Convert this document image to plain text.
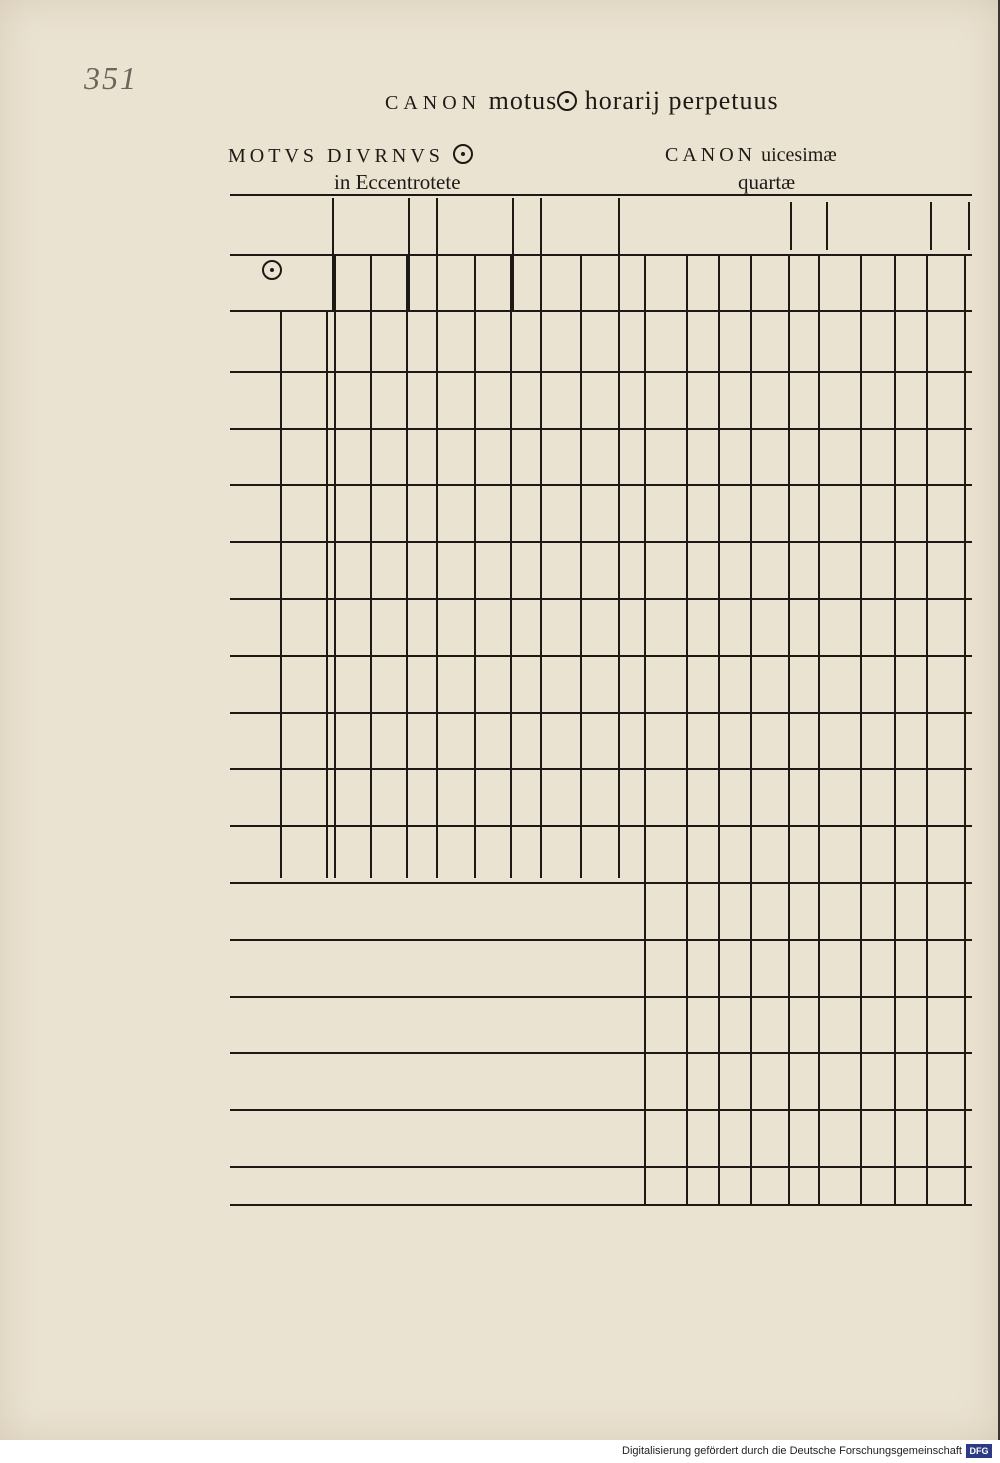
351
CANON motus horarij perpetuus
MOTVS DIVRNVS
in Eccentrotete
CANON uicesimæ
quartæ
Digitalisierung gefördert durch die Deutsche Forschungsgemeinschaft DFG
